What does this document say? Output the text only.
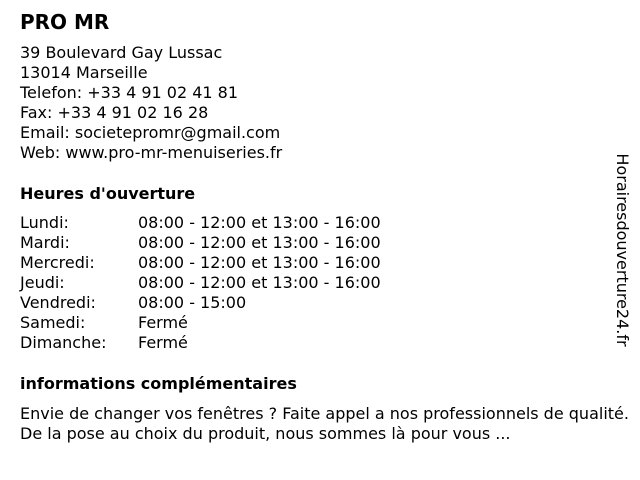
PRO MR
39 Boulevard Gay Lussac
13014 Marseille
Telefon: +33 4 91 02 41 81
Fax: +33 4 91 02 16 28
Email: societepromr@gmail.com
Web: www.pro-mr-menuiseries.fr
Heures d'ouverture
Lundi:	08:00 - 12:00 et 13:00 - 16:00
Mardi:	08:00 - 12:00 et 13:00 - 16:00
Mercredi:	08:00 - 12:00 et 13:00 - 16:00
Jeudi:	08:00 - 12:00 et 13:00 - 16:00
Vendredi:	08:00 - 15:00
Samedi:	Fermé
Dimanche: Fermé
informations complémentaires

Envie de changer vos fenêtres ? Faite appel a nos professionnels de qualité. De la pose au choix du produit, nous sommes là pour vous ...

Horairesdouverture24.fr
